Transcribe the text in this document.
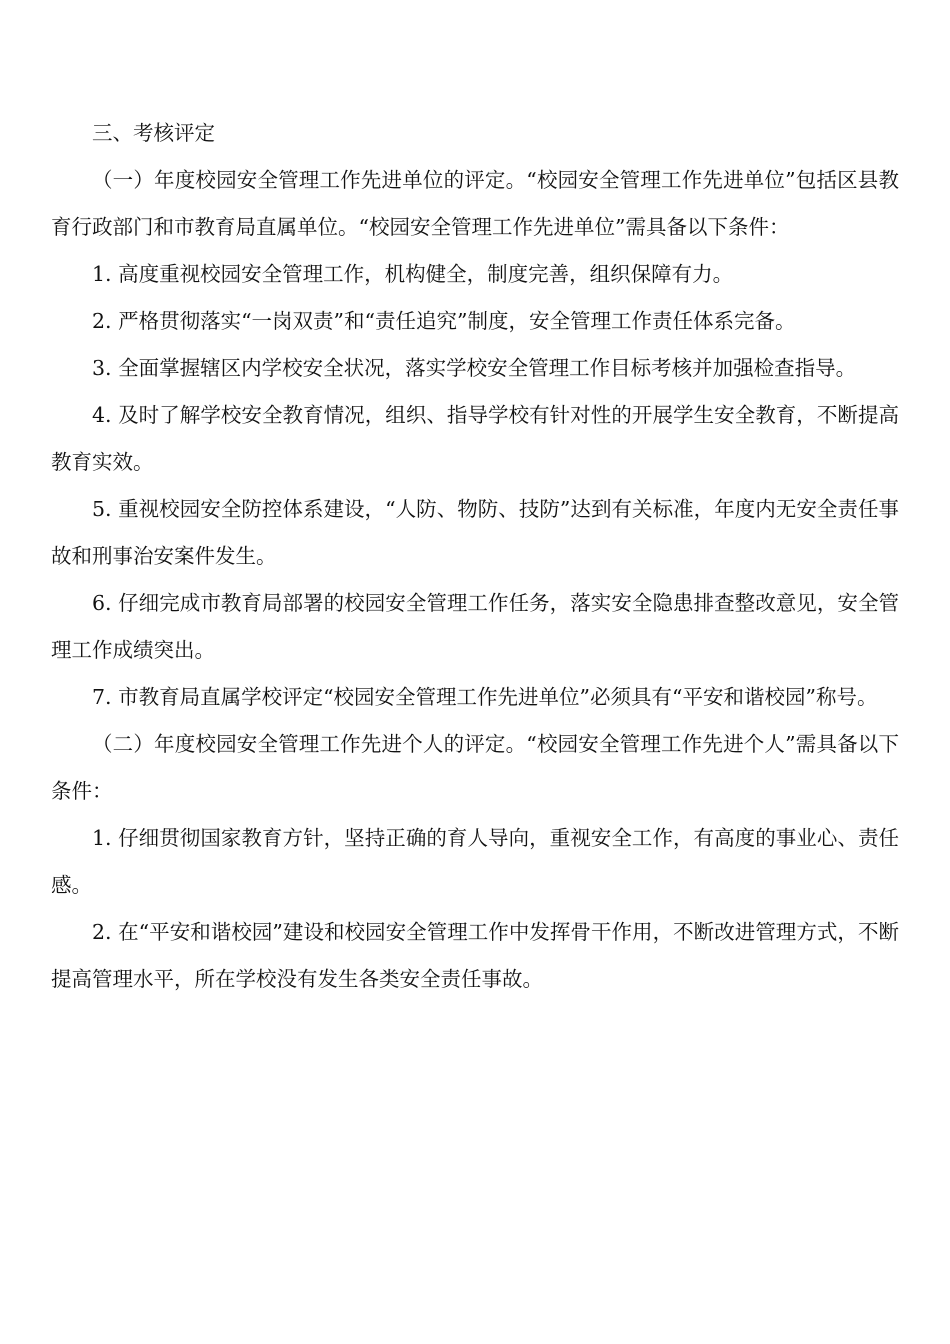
三、考核评定

（一）年度校园安全管理工作先进单位的评定。“校园安全管理工作先进单位”包括区县教育行政部门和市教育局直属单位。“校园安全管理工作先进单位”需具备以下条件：

1. 高度重视校园安全管理工作，机构健全，制度完善，组织保障有力。

2. 严格贯彻落实“一岗双责”和“责任追究”制度，安全管理工作责任体系完备。

3. 全面掌握辖区内学校安全状况，落实学校安全管理工作目标考核并加强检查指导。

4. 及时了解学校安全教育情况，组织、指导学校有针对性的开展学生安全教育，不断提高教育实效。

5. 重视校园安全防控体系建设，“人防、物防、技防”达到有关标准，年度内无安全责任事故和刑事治安案件发生。

6. 仔细完成市教育局部署的校园安全管理工作任务，落实安全隐患排查整改意见，安全管理工作成绩突出。

7. 市教育局直属学校评定“校园安全管理工作先进单位”必须具有“平安和谐校园”称号。

（二）年度校园安全管理工作先进个人的评定。“校园安全管理工作先进个人”需具备以下条件：

1. 仔细贯彻国家教育方针，坚持正确的育人导向，重视安全工作，有高度的事业心、责任感。

2. 在“平安和谐校园”建设和校园安全管理工作中发挥骨干作用，不断改进管理方式，不断提高管理水平，所在学校没有发生各类安全责任事故。
